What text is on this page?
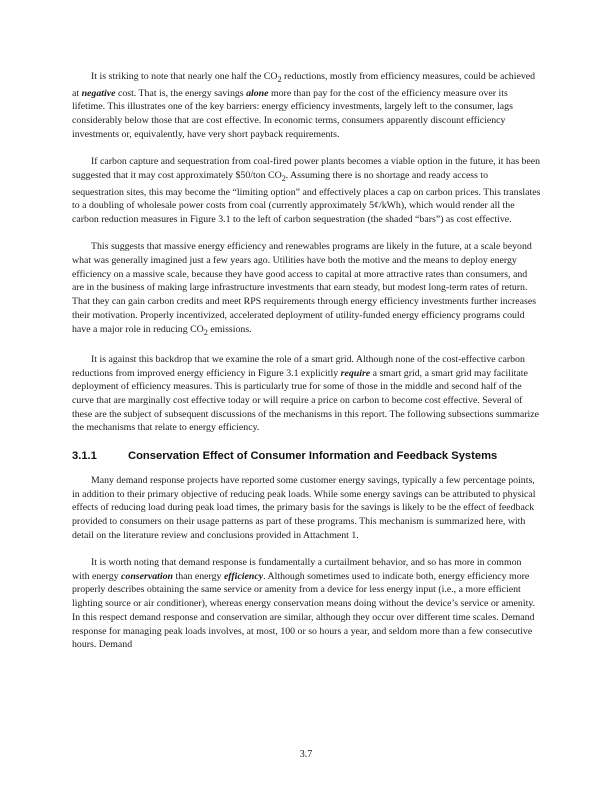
It is striking to note that nearly one half the $CO_2$ reductions, mostly from efficiency measures, could be achieved at negative cost. That is, the energy savings alone more than pay for the cost of the efficiency measure over its lifetime. This illustrates one of the key barriers: energy efficiency investments, largely left to the consumer, lags considerably below those that are cost effective. In economic terms, consumers apparently discount efficiency investments or, equivalently, have very short payback requirements.

If carbon capture and sequestration from coal-fired power plants becomes a viable option in the future, it has been suggested that it may cost approximately $50/ton $CO_2$. Assuming there is no shortage and ready access to sequestration sites, this may become the “limiting option” and effectively places a cap on carbon prices. This translates to a doubling of wholesale power costs from coal (currently approximately 5¢/kWh), which would render all the carbon reduction measures in Figure 3.1 to the left of carbon sequestration (the shaded “bars”) as cost effective.

This suggests that massive energy efficiency and renewables programs are likely in the future, at a scale beyond what was generally imagined just a few years ago. Utilities have both the motive and the means to deploy energy efficiency on a massive scale, because they have good access to capital at more attractive rates than consumers, and are in the business of making large infrastructure investments that earn steady, but modest long-term rates of return. That they can gain carbon credits and meet RPS requirements through energy efficiency investments further increases their motivation. Properly incentivized, accelerated deployment of utility-funded energy efficiency programs could have a major role in reducing $CO_2$ emissions.

It is against this backdrop that we examine the role of a smart grid. Although none of the cost-effective carbon reductions from improved energy efficiency in Figure 3.1 explicitly require a smart grid, a smart grid may facilitate deployment of efficiency measures. This is particularly true for some of those in the middle and second half of the curve that are marginally cost effective today or will require a price on carbon to become cost effective. Several of these are the subject of subsequent discussions of the mechanisms in this report. The following subsections summarize the mechanisms that relate to energy efficiency.

3.1.1	Conservation Effect of Consumer Information and Feedback Systems

Many demand response projects have reported some customer energy savings, typically a few percentage points, in addition to their primary objective of reducing peak loads. While some energy savings can be attributed to physical effects of reducing load during peak load times, the primary basis for the savings is likely to be the effect of feedback provided to consumers on their usage patterns as part of these programs. This mechanism is summarized here, with detail on the literature review and conclusions provided in Attachment 1.

It is worth noting that demand response is fundamentally a curtailment behavior, and so has more in common with energy conservation than energy efficiency. Although sometimes used to indicate both, energy efficiency more properly describes obtaining the same service or amenity from a device for less energy input (i.e., a more efficient lighting source or air conditioner), whereas energy conservation means doing without the device’s service or amenity. In this respect demand response and conservation are similar, although they occur over different time scales. Demand response for managing peak loads involves, at most, 100 or so hours a year, and seldom more than a few consecutive hours. Demand

3.7
